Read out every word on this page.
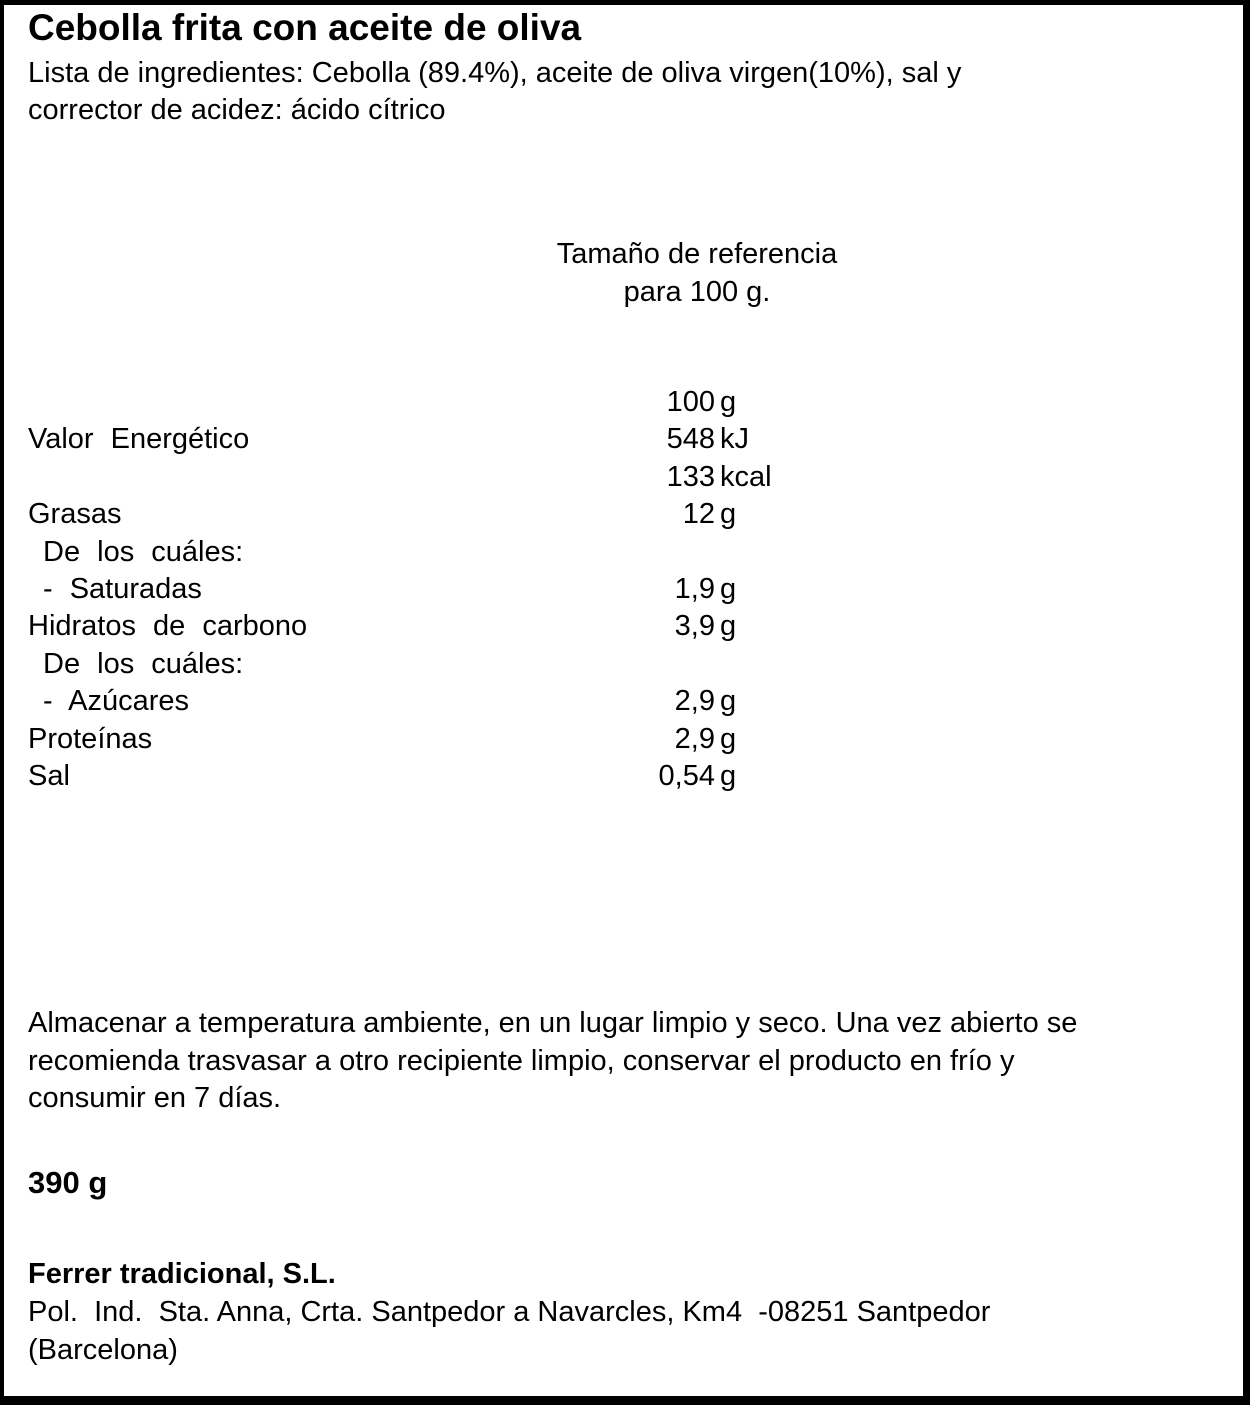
Cebolla frita con aceite de oliva
Lista de ingredientes: Cebolla (89.4%), aceite de oliva virgen(10%), sal y
corrector de acidez: ácido cítrico
Tamaño de referencia
para 100 g.
100 g
Valor Energético	548 kJ
133 kcal
Grasas	12 g
De los cuáles:
- Saturadas	1,9 g
Hidratos de carbono	3,9 g
De los cuáles:
- Azúcares	2,9 g
Proteínas	2,9 g
Sal	0,54 g
Almacenar a temperatura ambiente, en un lugar limpio y seco. Una vez abierto se
recomienda trasvasar a otro recipiente limpio, conservar el producto en frío y
consumir en 7 días.
390 g
Ferrer tradicional, S.L.
Pol.  Ind.  Sta. Anna, Crta. Santpedor a Navarcles, Km4  -08251 Santpedor
(Barcelona)
